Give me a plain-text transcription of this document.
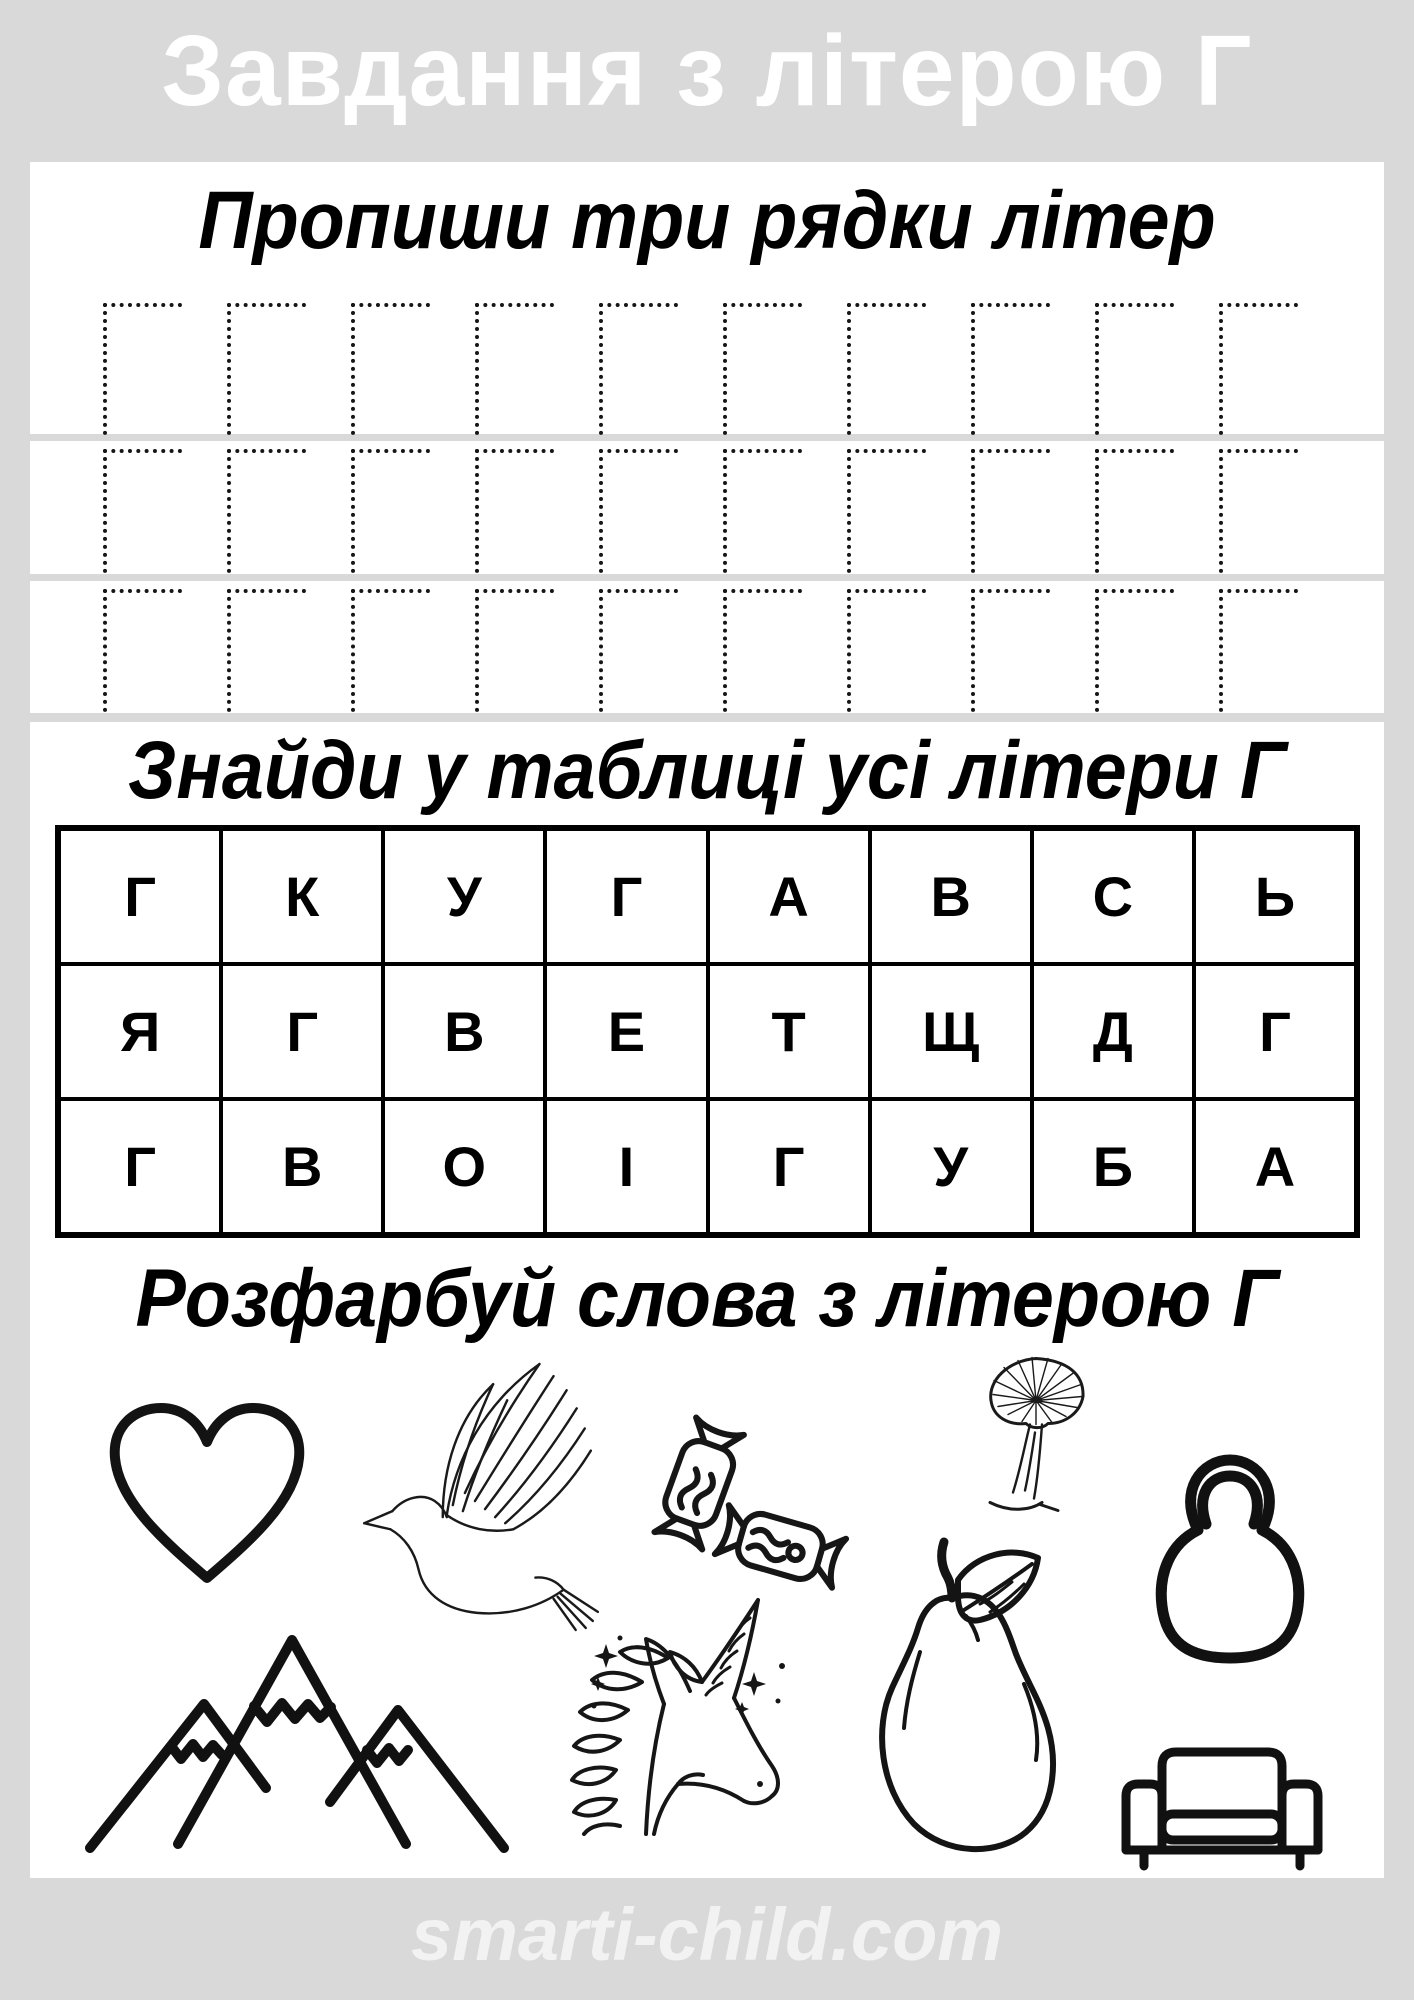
Завдання з літерою Г
Пропиши три рядки літер
Знайди у таблиці усі літери Г
Г	К	У	Г	А	В	С	Ь
Я	Г	В	Е	Т	Щ	Д	Г
Г	В	О	І	Г	У	Б	А
Розфарбуй слова з літерою Г
smarti-child.com
